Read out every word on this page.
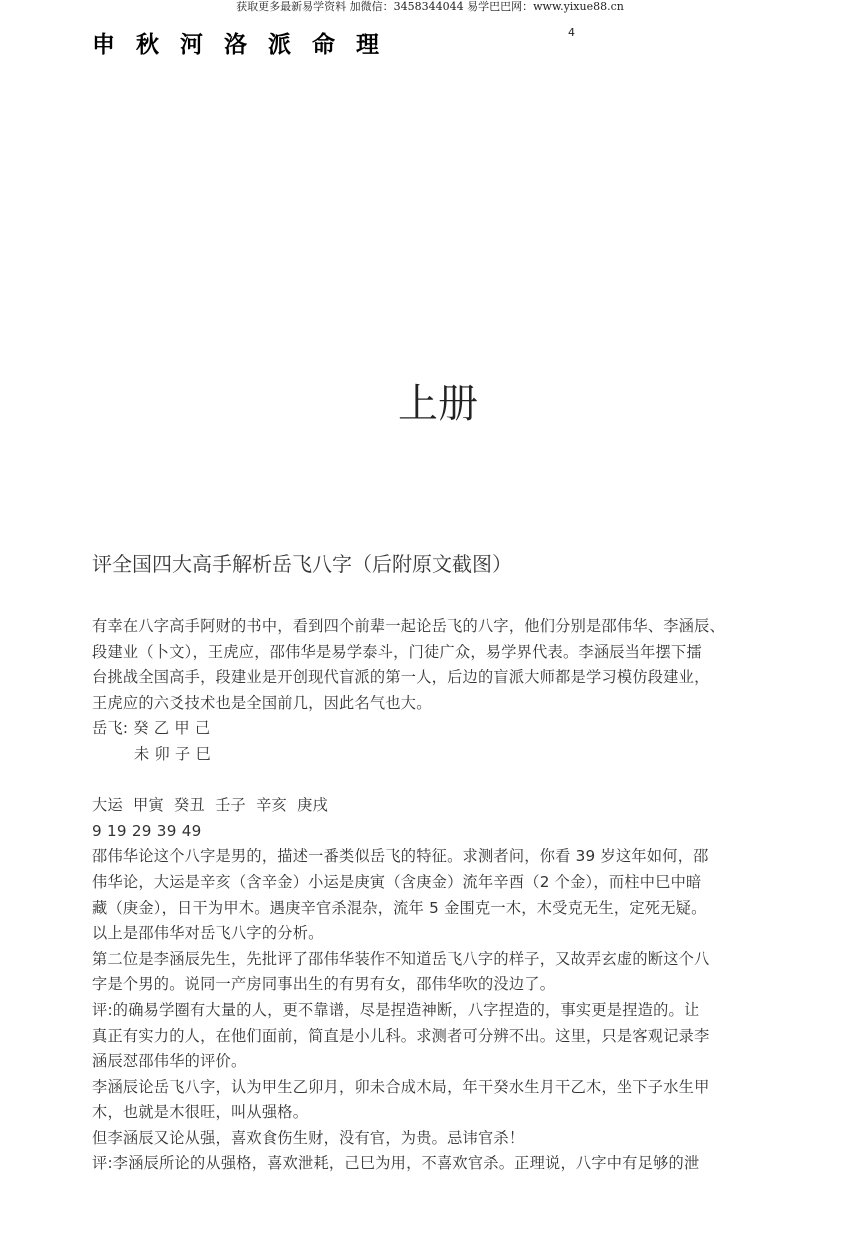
获取更多最新易学资料 加微信：3458344044 易学巴巴网：www.yixue88.cn
申秋河洛派命理	4
上册
评全国四大高手解析岳飞八字（后附原文截图）
有幸在八字高手阿财的书中，看到四个前辈一起论岳飞的八字，他们分别是邵伟华、李涵辰、
段建业（卜文），王虎应，邵伟华是易学泰斗，门徒广众，易学界代表。李涵辰当年摆下擂
台挑战全国高手，段建业是开创现代盲派的第一人，后边的盲派大师都是学习模仿段建业，
王虎应的六爻技术也是全国前几，因此名气也大。
岳飞: 癸 乙 甲 己
未 卯 子 巳
大运  甲寅  癸丑  壬子  辛亥  庚戌
9 19 29 39 49
邵伟华论这个八字是男的，描述一番类似岳飞的特征。求测者问，你看 39 岁这年如何，邵
伟华论，大运是辛亥（含辛金）小运是庚寅（含庚金）流年辛酉（2 个金），而柱中巳中暗
藏（庚金），日干为甲木。遇庚辛官杀混杂，流年 5 金围克一木，木受克无生，定死无疑。
以上是邵伟华对岳飞八字的分析。
第二位是李涵辰先生，先批评了邵伟华装作不知道岳飞八字的样子，又故弄玄虚的断这个八
字是个男的。说同一产房同事出生的有男有女，邵伟华吹的没边了。
评:的确易学圈有大量的人，更不靠谱，尽是捏造神断，八字捏造的，事实更是捏造的。让
真正有实力的人，在他们面前，简直是小儿科。求测者可分辨不出。这里，只是客观记录李
涵辰怼邵伟华的评价。
李涵辰论岳飞八字，认为甲生乙卯月，卯未合成木局，年干癸水生月干乙木，坐下子水生甲
木，也就是木很旺，叫从强格。
但李涵辰又论从强，喜欢食伤生财，没有官，为贵。忌讳官杀！
评:李涵辰所论的从强格，喜欢泄耗，己巳为用，不喜欢官杀。正理说，八字中有足够的泄
